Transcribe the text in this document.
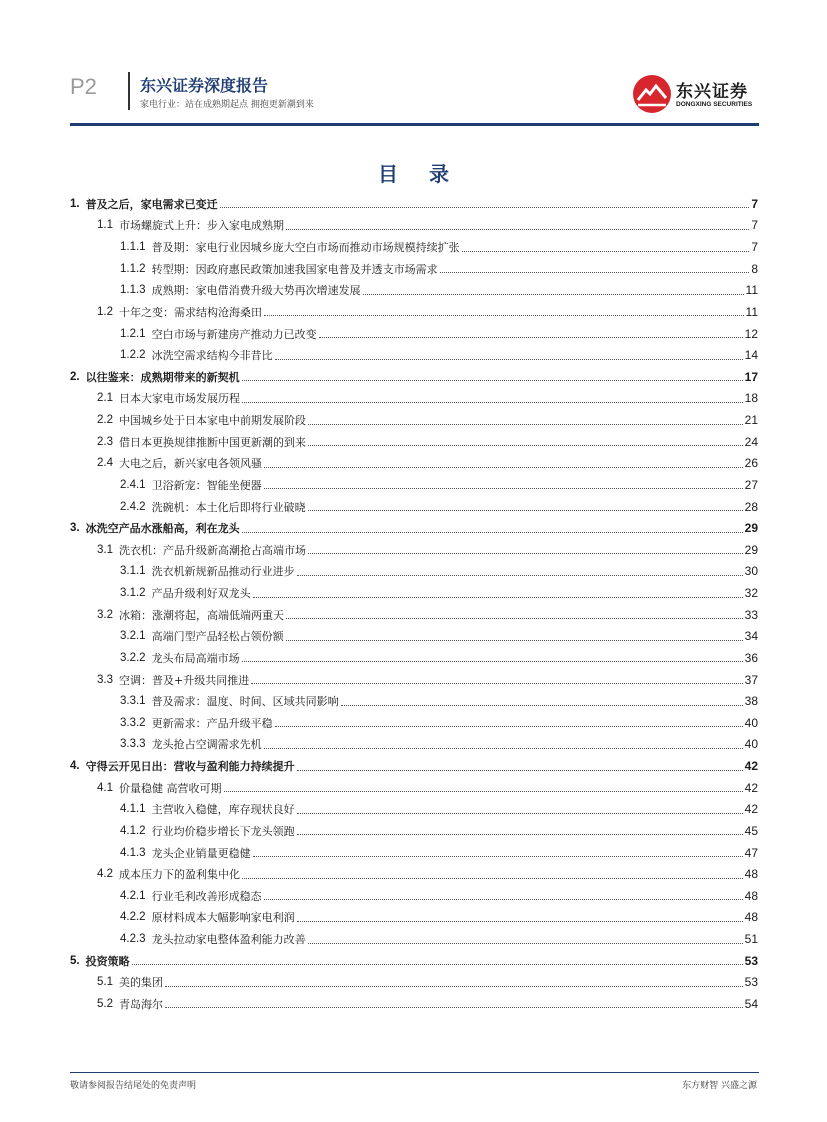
P2	东兴证券深度报告
家电行业：站在成熟期起点 拥抱更新潮到来
东兴证券
DONGXING SECURITIES
目 录
1. 普及之后，家电需求已变迁	7
1.1 市场螺旋式上升：步入家电成熟期	7
1.1.1 普及期：家电行业因城乡庞大空白市场而推动市场规模持续扩张	7
1.1.2 转型期：因政府惠民政策加速我国家电普及并透支市场需求	8
1.1.3 成熟期：家电借消费升级大势再次增速发展	11
1.2 十年之变：需求结构沧海桑田	11
1.2.1 空白市场与新建房产推动力已改变	12
1.2.2 冰洗空需求结构今非昔比	14
2. 以往鉴来：成熟期带来的新契机	17
2.1 日本大家电市场发展历程	18
2.2 中国城乡处于日本家电中前期发展阶段	21
2.3 借日本更换规律推断中国更新潮的到来	24
2.4 大电之后，新兴家电各领风骚	26
2.4.1 卫浴新宠：智能坐便器	27
2.4.2 洗碗机：本土化后即将行业破晓	28
3. 冰洗空产品水涨船高，利在龙头	29
3.1 洗衣机：产品升级新高潮抢占高端市场	29
3.1.1 洗衣机新规新品推动行业进步	30
3.1.2 产品升级利好双龙头	32
3.2 冰箱：涨潮将起，高端低端两重天	33
3.2.1 高端门型产品轻松占领份额	34
3.2.2 龙头布局高端市场	36
3.3 空调：普及+升级共同推进	37
3.3.1 普及需求：温度、时间、区域共同影响	38
3.3.2 更新需求：产品升级平稳	40
3.3.3 龙头抢占空调需求先机	40
4. 守得云开见日出：营收与盈利能力持续提升	42
4.1 价量稳健 高营收可期	42
4.1.1 主营收入稳健，库存现状良好	42
4.1.2 行业均价稳步增长下龙头领跑	45
4.1.3 龙头企业销量更稳健	47
4.2 成本压力下的盈利集中化	48
4.2.1 行业毛利改善形成稳态	48
4.2.2 原材料成本大幅影响家电利润	48
4.2.3 龙头拉动家电整体盈利能力改善	51
5. 投资策略	53
5.1 美的集团	53
5.2 青岛海尔	54
敬请参阅报告结尾处的免责声明	东方财智 兴盛之源
